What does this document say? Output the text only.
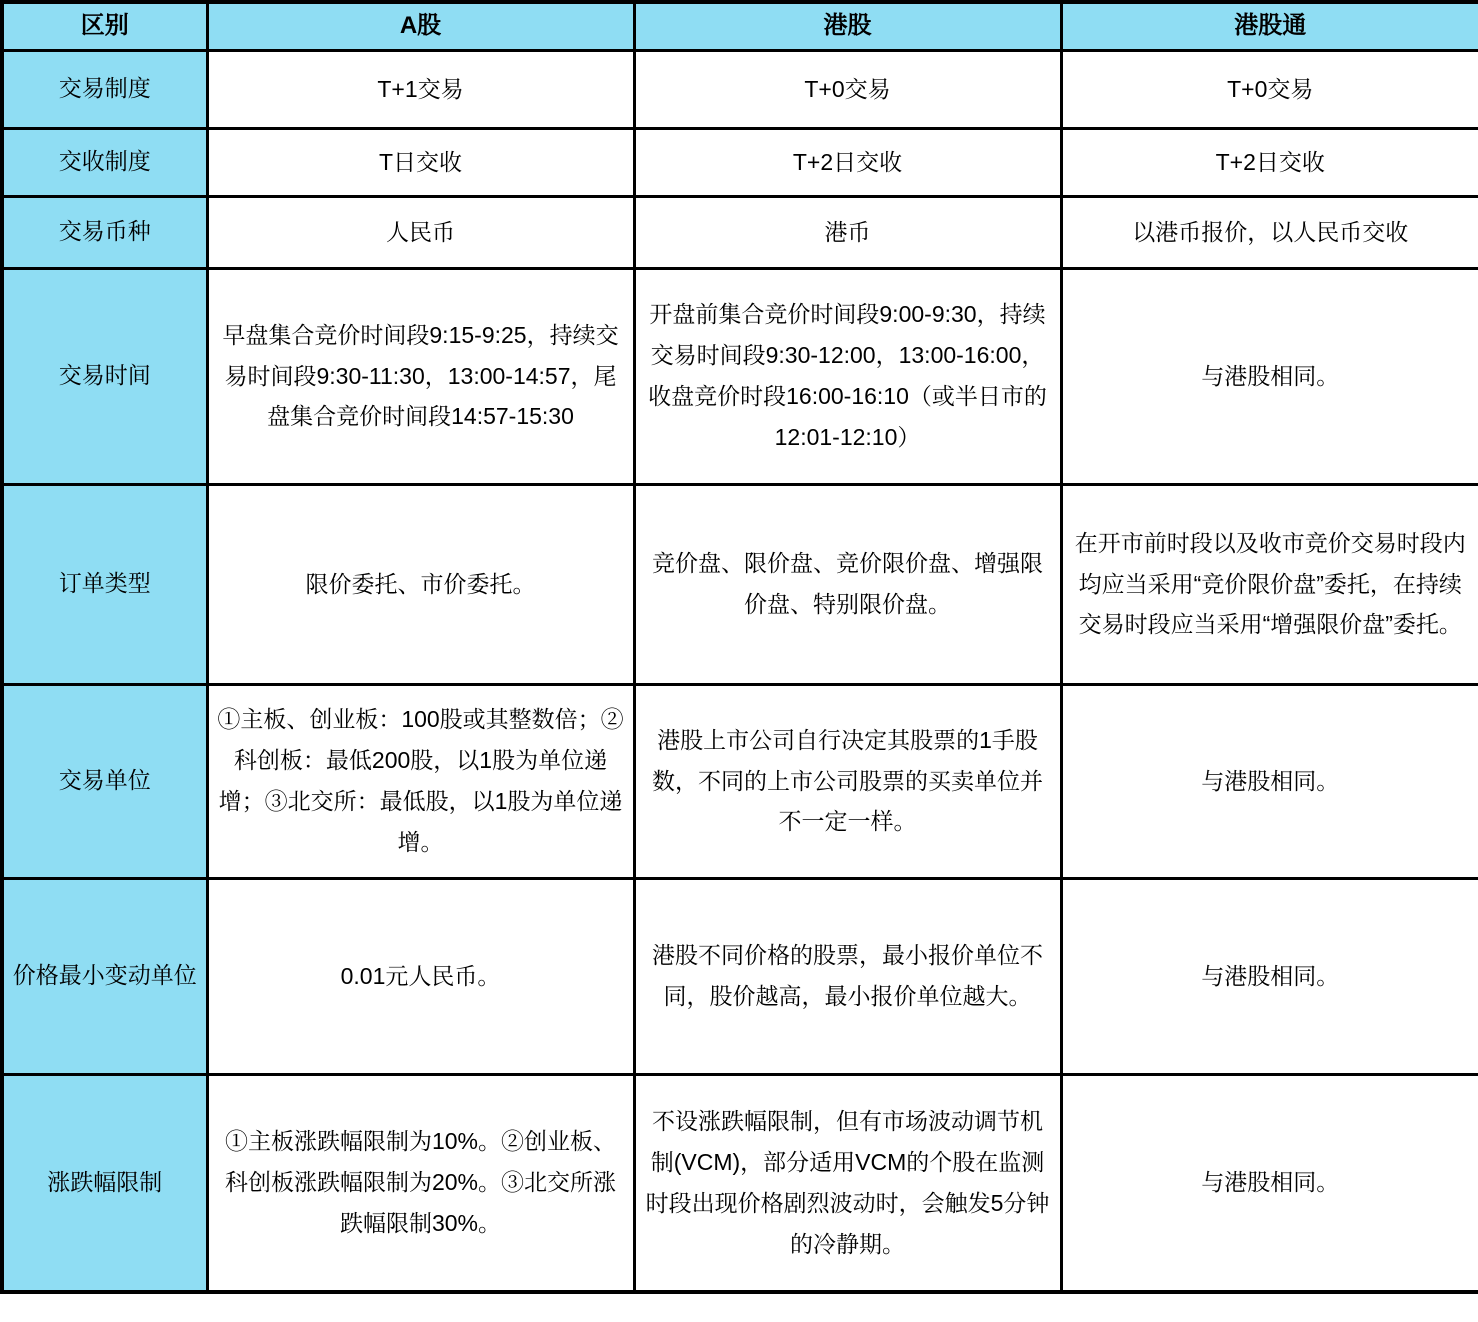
区别	A股	港股	港股通
交易制度	T+1交易	T+0交易	T+0交易
交收制度	T日交收	T+2日交收	T+2日交收
交易币种	人民币	港币	以港币报价，以人民币交收
交易时间	早盘集合竞价时间段9:15-9:25，持续交易时间段9:30-11:30，13:00-14:57，尾盘集合竞价时间段14:57-15:30	开盘前集合竞价时间段9:00-9:30，持续交易时间段9:30-12:00，13:00-16:00，收盘竞价时段16:00-16:10（或半日市的12:01-12:10）	与港股相同。
订单类型	限价委托、市价委托。	竞价盘、限价盘、竞价限价盘、增强限价盘、特别限价盘。	在开市前时段以及收市竞价交易时段内均应当采用“竞价限价盘”委托，在持续交易时段应当采用“增强限价盘”委托。
交易单位	①主板、创业板：100股或其整数倍；②科创板：最低200股，以1股为单位递增；③北交所：最低股，以1股为单位递增。	港股上市公司自行决定其股票的1手股数，不同的上市公司股票的买卖单位并不一定一样。	与港股相同。
价格最小变动单位	0.01元人民币。	港股不同价格的股票，最小报价单位不同，股价越高，最小报价单位越大。	与港股相同。
涨跌幅限制	①主板涨跌幅限制为10%。②创业板、科创板涨跌幅限制为20%。③北交所涨跌幅限制30%。	不设涨跌幅限制，但有市场波动调节机制(VCM)，部分适用VCM的个股在监测时段出现价格剧烈波动时，会触发5分钟的冷静期。	与港股相同。
